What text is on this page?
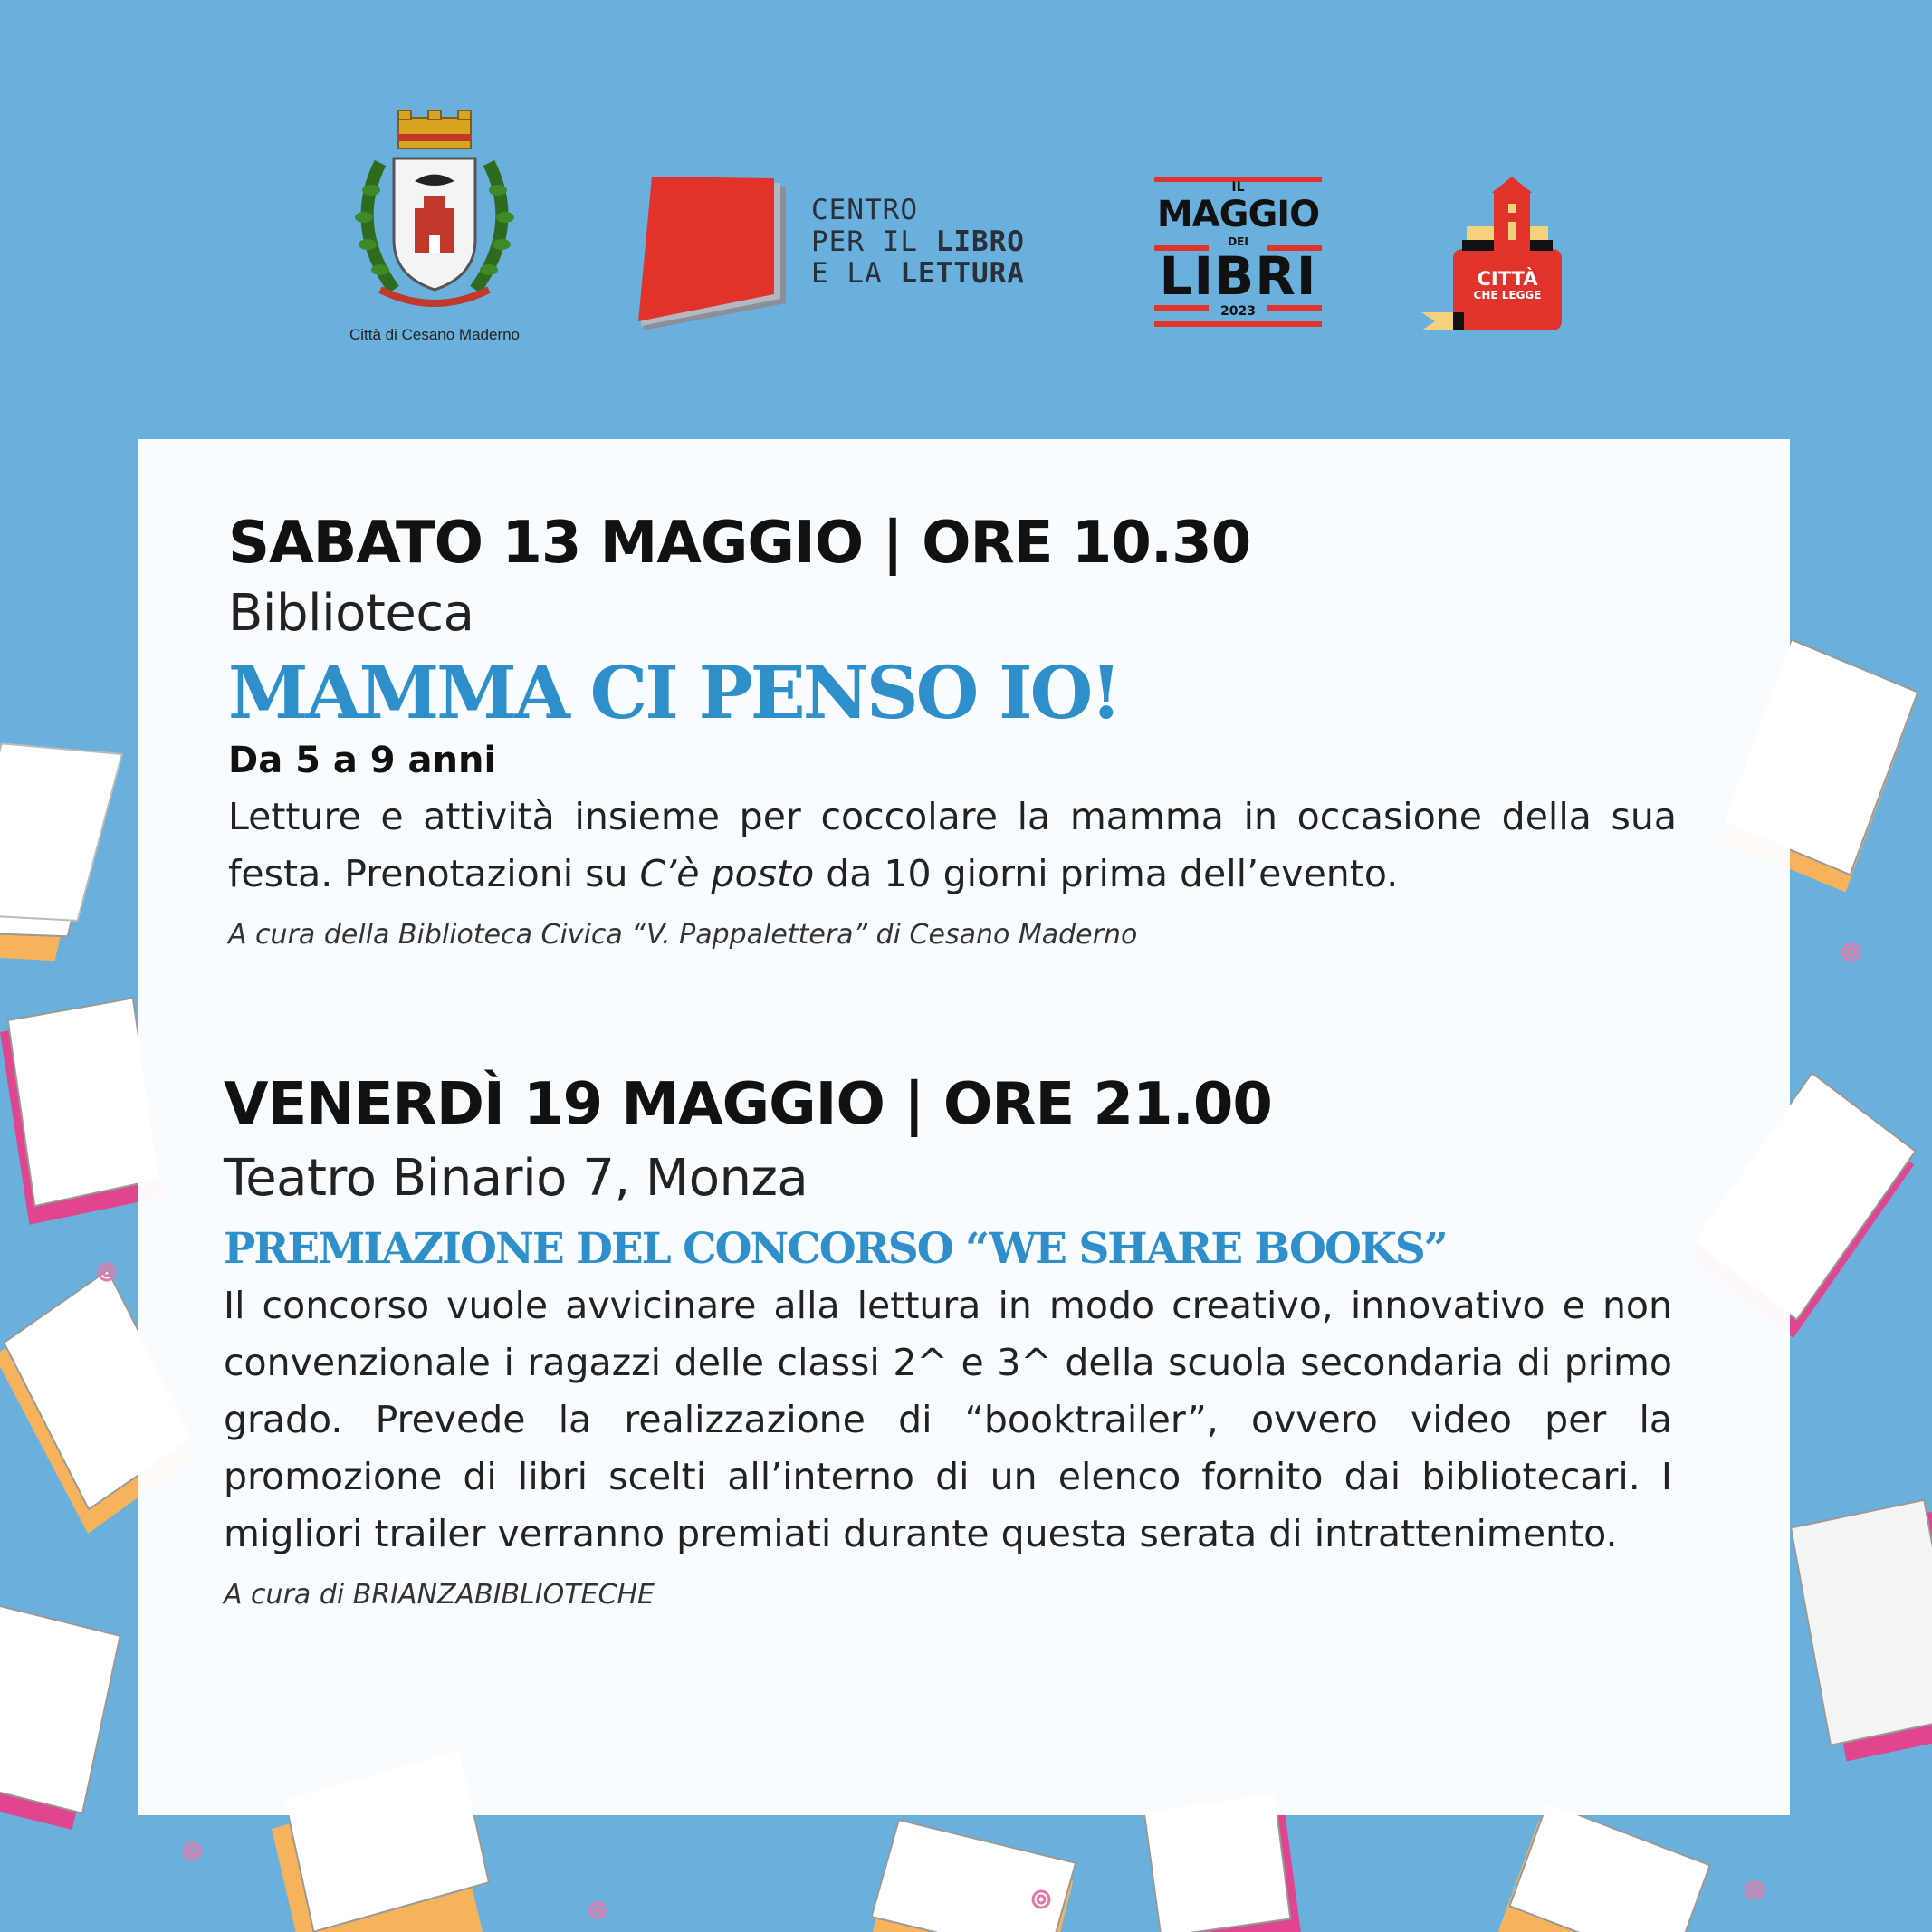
Città di Cesano Maderno
CENTRO
PER IL LIBRO
E LA LETTURA
IL
MAGGIO
DEI
LIBRI
2023
CITTÀ
CHE LEGGE
SABATO 13 MAGGIO | ORE 10.30
Biblioteca
MAMMA CI PENSO IO!
Da 5 a 9 anni
Letture e attività insieme per coccolare la mamma in occasione della sua festa. Prenotazioni su C’è posto da 10 giorni prima dell’evento.
A cura della Biblioteca Civica “V. Pappalettera” di Cesano Maderno
VENERDÌ 19 MAGGIO | ORE 21.00
Teatro Binario 7, Monza
PREMIAZIONE DEL CONCORSO “WE SHARE BOOKS”
Il concorso vuole avvicinare alla lettura in modo creativo, innovativo e non convenzionale i ragazzi delle classi 2^ e 3^ della scuola secondaria di primo grado. Prevede la realizzazione di “booktrailer”, ovvero video per la promozione di libri scelti all’interno di un elenco fornito dai bibliotecari. I migliori trailer verranno premiati durante questa serata di intrattenimento.
A cura di BRIANZABIBLIOTECHE
